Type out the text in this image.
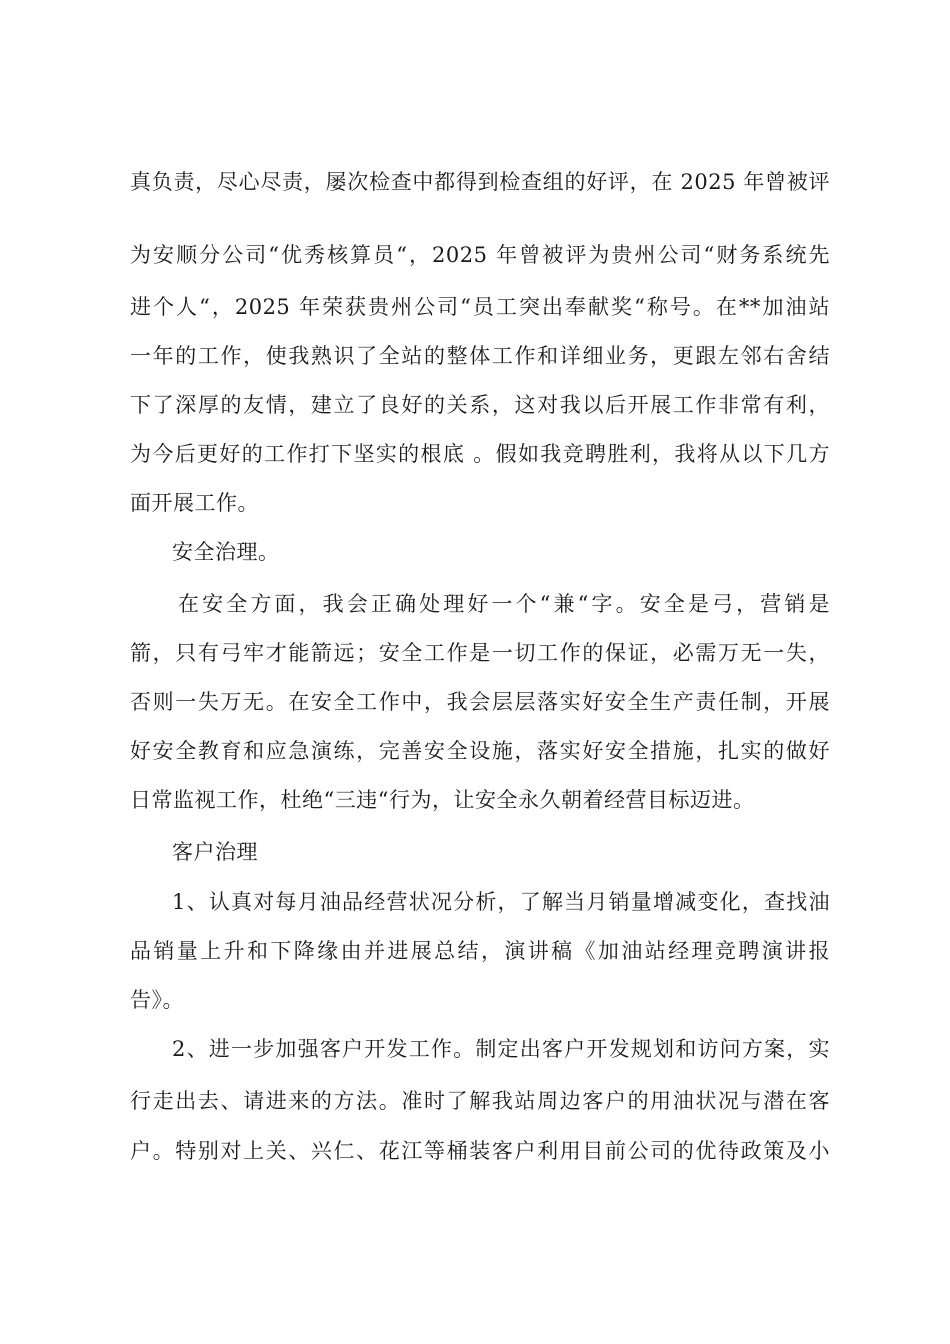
真负责，尽心尽责，屡次检查中都得到检查组的好评，在 2025 年曾被评
为安顺分公司“优秀核算员“，2025 年曾被评为贵州公司“财务系统先
进个人“，2025 年荣获贵州公司“员工突出奉献奖“称号。在**加油站
一年的工作，使我熟识了全站的整体工作和详细业务，更跟左邻右舍结
下了深厚的友情，建立了良好的关系，这对我以后开展工作非常有利，
为今后更好的工作打下坚实的根底 。假如我竞聘胜利，我将从以下几方
面开展工作。
安全治理。
在安全方面，我会正确处理好一个“兼“字。安全是弓，营销是
箭，只有弓牢才能箭远；安全工作是一切工作的保证，必需万无一失，
否则一失万无。在安全工作中，我会层层落实好安全生产责任制，开展
好安全教育和应急演练，完善安全设施，落实好安全措施，扎实的做好
日常监视工作，杜绝“三违“行为，让安全永久朝着经营目标迈进。
客户治理
1、认真对每月油品经营状况分析，了解当月销量增减变化，查找油
品销量上升和下降缘由并进展总结，演讲稿《加油站经理竞聘演讲报
告》。
2、进一步加强客户开发工作。制定出客户开发规划和访问方案，实
行走出去、请进来的方法。准时了解我站周边客户的用油状况与潜在客
户。特别对上关、兴仁、花江等桶装客户利用目前公司的优待政策及小
